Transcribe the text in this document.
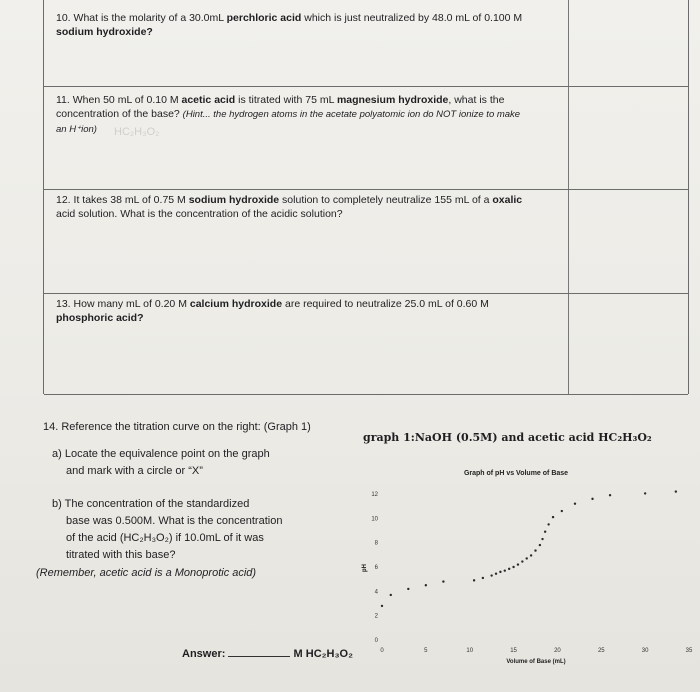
10. What is the molarity of a 30.0mL perchloric acid which is just neutralized by 48.0 mL of 0.100 M
sodium hydroxide?
11. When 50 mL of 0.10 M acetic acid is titrated with 75 mL magnesium hydroxide, what is the
concentration of the base? (Hint... the hydrogen atoms in the acetate polyatomic ion do NOT ionize to make
an H⁺ion)	HC₂H₃O₂
12. It takes 38 mL of 0.75 M sodium hydroxide solution to completely neutralize 155 mL of a oxalic
acid solution. What is the concentration of the acidic solution?
13. How many mL of 0.20 M calcium hydroxide are required to neutralize 25.0 mL of 0.60 M
phosphoric acid?
14. Reference the titration curve on the right: (Graph 1)
a) Locate the equivalence point on the graph
and mark with a circle or “X”
b) The concentration of the standardized
base was 0.500M. What is the concentration
of the acid (HC₂H₃O₂) if 10.0mL of it was
titrated with this base?
(Remember, acetic acid is a Monoprotic acid)
Answer:	M HC₂H₃O₂
graph 1:NaOH (0.5M) and acetic acid HC₂H₃O₂
Graph of pH vs Volume of Base
0	5	10	15	20	25	30	35
0
2
4
6
8
10
12
Volume of Base (mL)
pH
